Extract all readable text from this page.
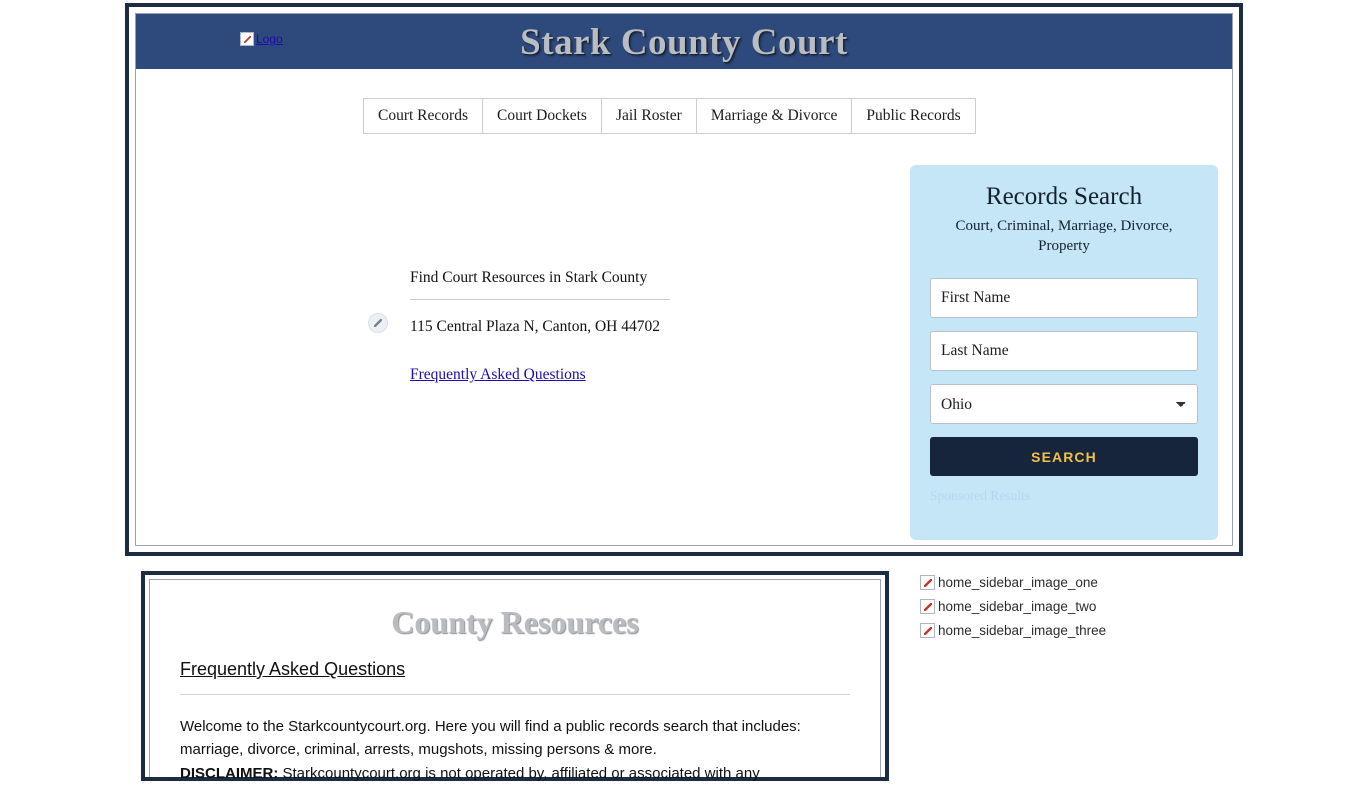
Logo	Stark County Court
Court Records	Court Dockets	Jail Roster	Marriage & Divorce	Public Records
Find Court Resources in Stark County
115 Central Plaza N, Canton, OH 44702
Frequently Asked Questions
Records Search
Court, Criminal, Marriage, Divorce, Property
First Name
Last Name
Ohio SEARCH
Sponsored Results
County Resources
Frequently Asked Questions
Welcome to the Starkcountycourt.org. Here you will find a public records search that includes: marriage, divorce, criminal, arrests, mugshots, missing persons & more.
DISCLAIMER: Starkcountycourt.org is not operated by, affiliated or associated with any
home_sidebar_image_one
home_sidebar_image_two
home_sidebar_image_three
